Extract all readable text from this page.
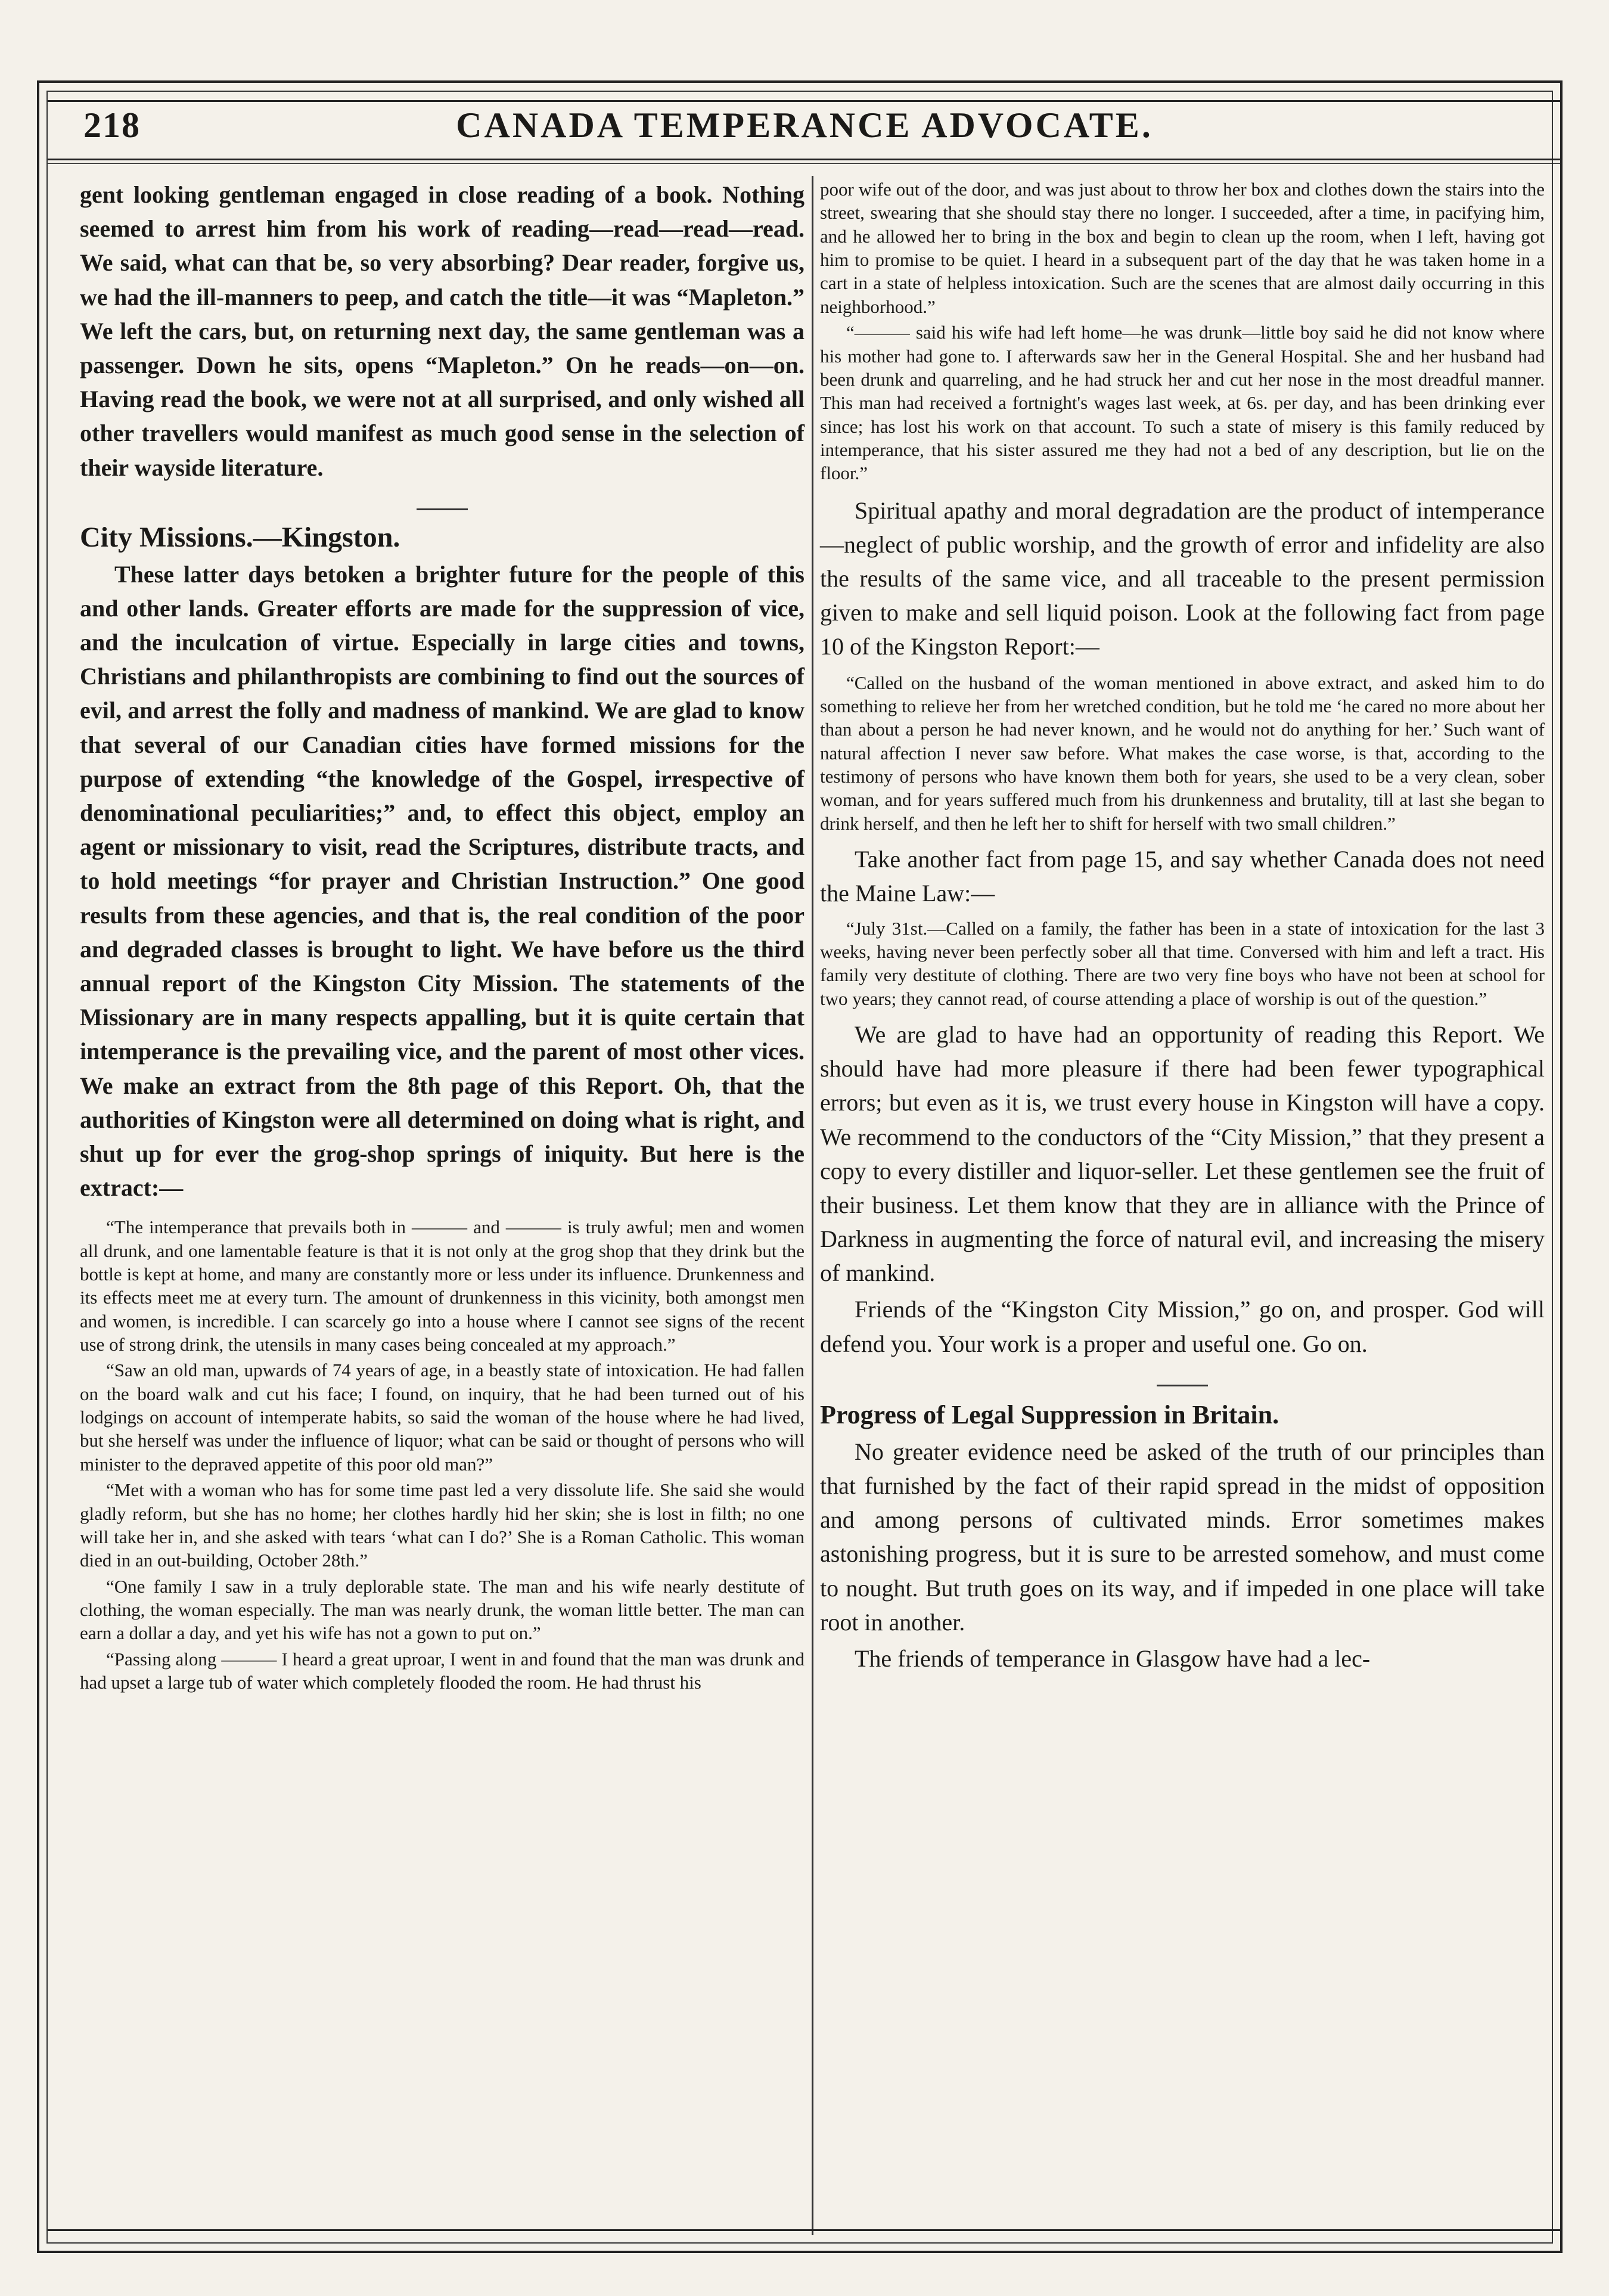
218	CANADA TEMPERANCE ADVOCATE.

gent looking gentleman engaged in close reading of a book. Nothing seemed to arrest him from his work of reading—read—read—read. We said, what can that be, so very absorbing? Dear reader, forgive us, we had the ill-manners to peep, and catch the title—it was “Mapleton.” We left the cars, but, on returning next day, the same gentleman was a passenger. Down he sits, opens “Mapleton.” On he reads—on—on. Having read the book, we were not at all surprised, and only wished all other travellers would manifest as much good sense in the selection of their wayside literature.

City Missions.—Kingston.

These latter days betoken a brighter future for the people of this and other lands. Greater efforts are made for the suppression of vice, and the inculcation of virtue. Especially in large cities and towns, Christians and philanthropists are combining to find out the sources of evil, and arrest the folly and madness of mankind. We are glad to know that several of our Canadian cities have formed missions for the purpose of extending “the knowledge of the Gospel, irrespective of denominational peculiarities;” and, to effect this object, employ an agent or missionary to visit, read the Scriptures, distribute tracts, and to hold meetings “for prayer and Christian Instruction.” One good results from these agencies, and that is, the real condition of the poor and degraded classes is brought to light. We have before us the third annual report of the Kingston City Mission. The statements of the Missionary are in many respects appalling, but it is quite certain that intemperance is the prevailing vice, and the parent of most other vices. We make an extract from the 8th page of this Report. Oh, that the authorities of Kingston were all determined on doing what is right, and shut up for ever the grog-shop springs of iniquity. But here is the extract:—

“The intemperance that prevails both in ——— and ——— is truly awful; men and women all drunk, and one lamentable feature is that it is not only at the grog shop that they drink but the bottle is kept at home, and many are constantly more or less under its influence. Drunkenness and its effects meet me at every turn. The amount of drunkenness in this vicinity, both amongst men and women, is incredible. I can scarcely go into a house where I cannot see signs of the recent use of strong drink, the utensils in many cases being concealed at my approach.”

“Saw an old man, upwards of 74 years of age, in a beastly state of intoxication. He had fallen on the board walk and cut his face; I found, on inquiry, that he had been turned out of his lodgings on account of intemperate habits, so said the woman of the house where he had lived, but she herself was under the influence of liquor; what can be said or thought of persons who will minister to the depraved appetite of this poor old man?”

“Met with a woman who has for some time past led a very dissolute life. She said she would gladly reform, but she has no home; her clothes hardly hid her skin; she is lost in filth; no one will take her in, and she asked with tears ‘what can I do?’ She is a Roman Catholic. This woman died in an out-building, October 28th.”

“One family I saw in a truly deplorable state. The man and his wife nearly destitute of clothing, the woman especially. The man was nearly drunk, the woman little better. The man can earn a dollar a day, and yet his wife has not a gown to put on.”

“Passing along ——— I heard a great uproar, I went in and found that the man was drunk and had upset a large tub of water which completely flooded the room. He had thrust his

poor wife out of the door, and was just about to throw her box and clothes down the stairs into the street, swearing that she should stay there no longer. I succeeded, after a time, in pacifying him, and he allowed her to bring in the box and begin to clean up the room, when I left, having got him to promise to be quiet. I heard in a subsequent part of the day that he was taken home in a cart in a state of helpless intoxication. Such are the scenes that are almost daily occurring in this neighborhood.”

“——— said his wife had left home—he was drunk—little boy said he did not know where his mother had gone to. I afterwards saw her in the General Hospital. She and her husband had been drunk and quarreling, and he had struck her and cut her nose in the most dreadful manner. This man had received a fortnight's wages last week, at 6s. per day, and has been drinking ever since; has lost his work on that account. To such a state of misery is this family reduced by intemperance, that his sister assured me they had not a bed of any description, but lie on the floor.”

Spiritual apathy and moral degradation are the product of intemperance—neglect of public worship, and the growth of error and infidelity are also the results of the same vice, and all traceable to the present permission given to make and sell liquid poison. Look at the following fact from page 10 of the Kingston Report:—

“Called on the husband of the woman mentioned in above extract, and asked him to do something to relieve her from her wretched condition, but he told me ‘he cared no more about her than about a person he had never known, and he would not do anything for her.’ Such want of natural affection I never saw before. What makes the case worse, is that, according to the testimony of persons who have known them both for years, she used to be a very clean, sober woman, and for years suffered much from his drunkenness and brutality, till at last she began to drink herself, and then he left her to shift for herself with two small children.”

Take another fact from page 15, and say whether Canada does not need the Maine Law:—

“July 31st.—Called on a family, the father has been in a state of intoxication for the last 3 weeks, having never been perfectly sober all that time. Conversed with him and left a tract. His family very destitute of clothing. There are two very fine boys who have not been at school for two years; they cannot read, of course attending a place of worship is out of the question.”

We are glad to have had an opportunity of reading this Report. We should have had more pleasure if there had been fewer typographical errors; but even as it is, we trust every house in Kingston will have a copy. We recommend to the conductors of the “City Mission,” that they present a copy to every distiller and liquor-seller. Let these gentlemen see the fruit of their business. Let them know that they are in alliance with the Prince of Darkness in augmenting the force of natural evil, and increasing the misery of mankind.

Friends of the “Kingston City Mission,” go on, and prosper. God will defend you. Your work is a proper and useful one. Go on.

Progress of Legal Suppression in Britain.

No greater evidence need be asked of the truth of our principles than that furnished by the fact of their rapid spread in the midst of opposition and among persons of cultivated minds. Error sometimes makes astonishing progress, but it is sure to be arrested somehow, and must come to nought. But truth goes on its way, and if impeded in one place will take root in another.

The friends of temperance in Glasgow have had a lec-
